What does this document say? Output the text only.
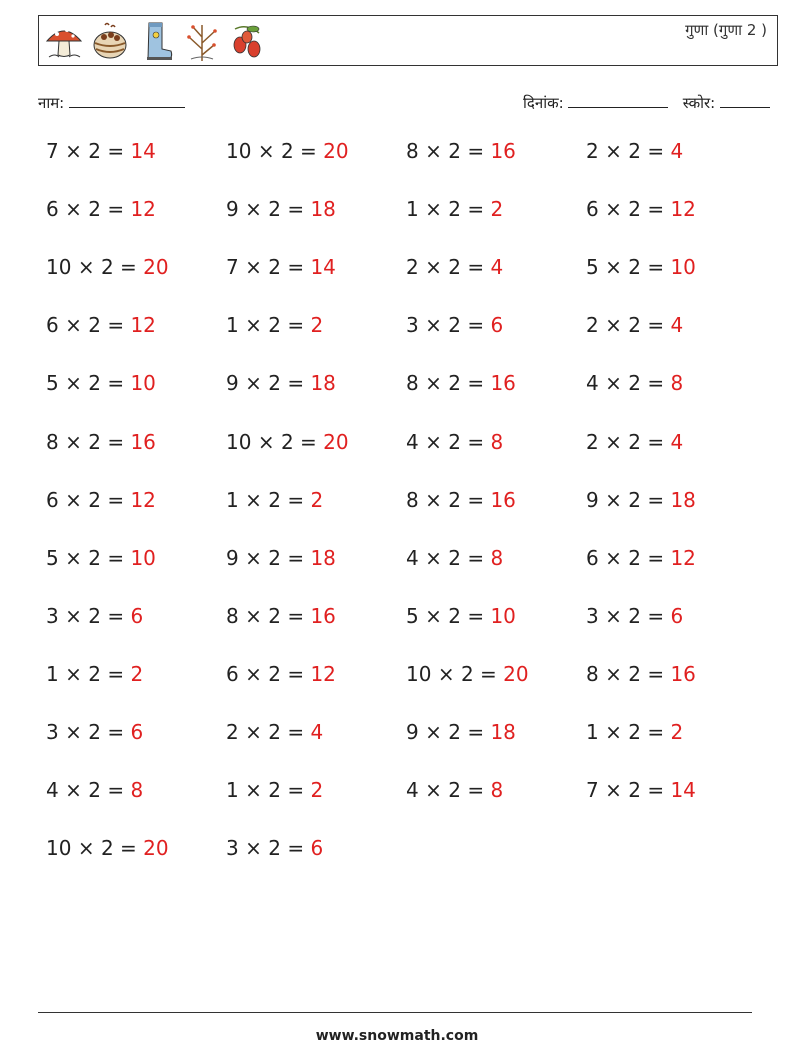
गुणा (गुणा 2 )
नाम:	दिनांक:	स्कोर:
7 × 2 = 14	10 × 2 = 20	8 × 2 = 16	2 × 2 = 4
6 × 2 = 12	9 × 2 = 18	1 × 2 = 2	6 × 2 = 12
10 × 2 = 20	7 × 2 = 14	2 × 2 = 4	5 × 2 = 10
6 × 2 = 12	1 × 2 = 2	3 × 2 = 6	2 × 2 = 4
5 × 2 = 10	9 × 2 = 18	8 × 2 = 16	4 × 2 = 8
8 × 2 = 16	10 × 2 = 20	4 × 2 = 8	2 × 2 = 4
6 × 2 = 12	1 × 2 = 2	8 × 2 = 16	9 × 2 = 18
5 × 2 = 10	9 × 2 = 18	4 × 2 = 8	6 × 2 = 12
3 × 2 = 6	8 × 2 = 16	5 × 2 = 10	3 × 2 = 6
1 × 2 = 2	6 × 2 = 12	10 × 2 = 20	8 × 2 = 16
3 × 2 = 6	2 × 2 = 4	9 × 2 = 18	1 × 2 = 2
4 × 2 = 8	1 × 2 = 2	4 × 2 = 8	7 × 2 = 14
10 × 2 = 20	3 × 2 = 6
www.snowmath.com
